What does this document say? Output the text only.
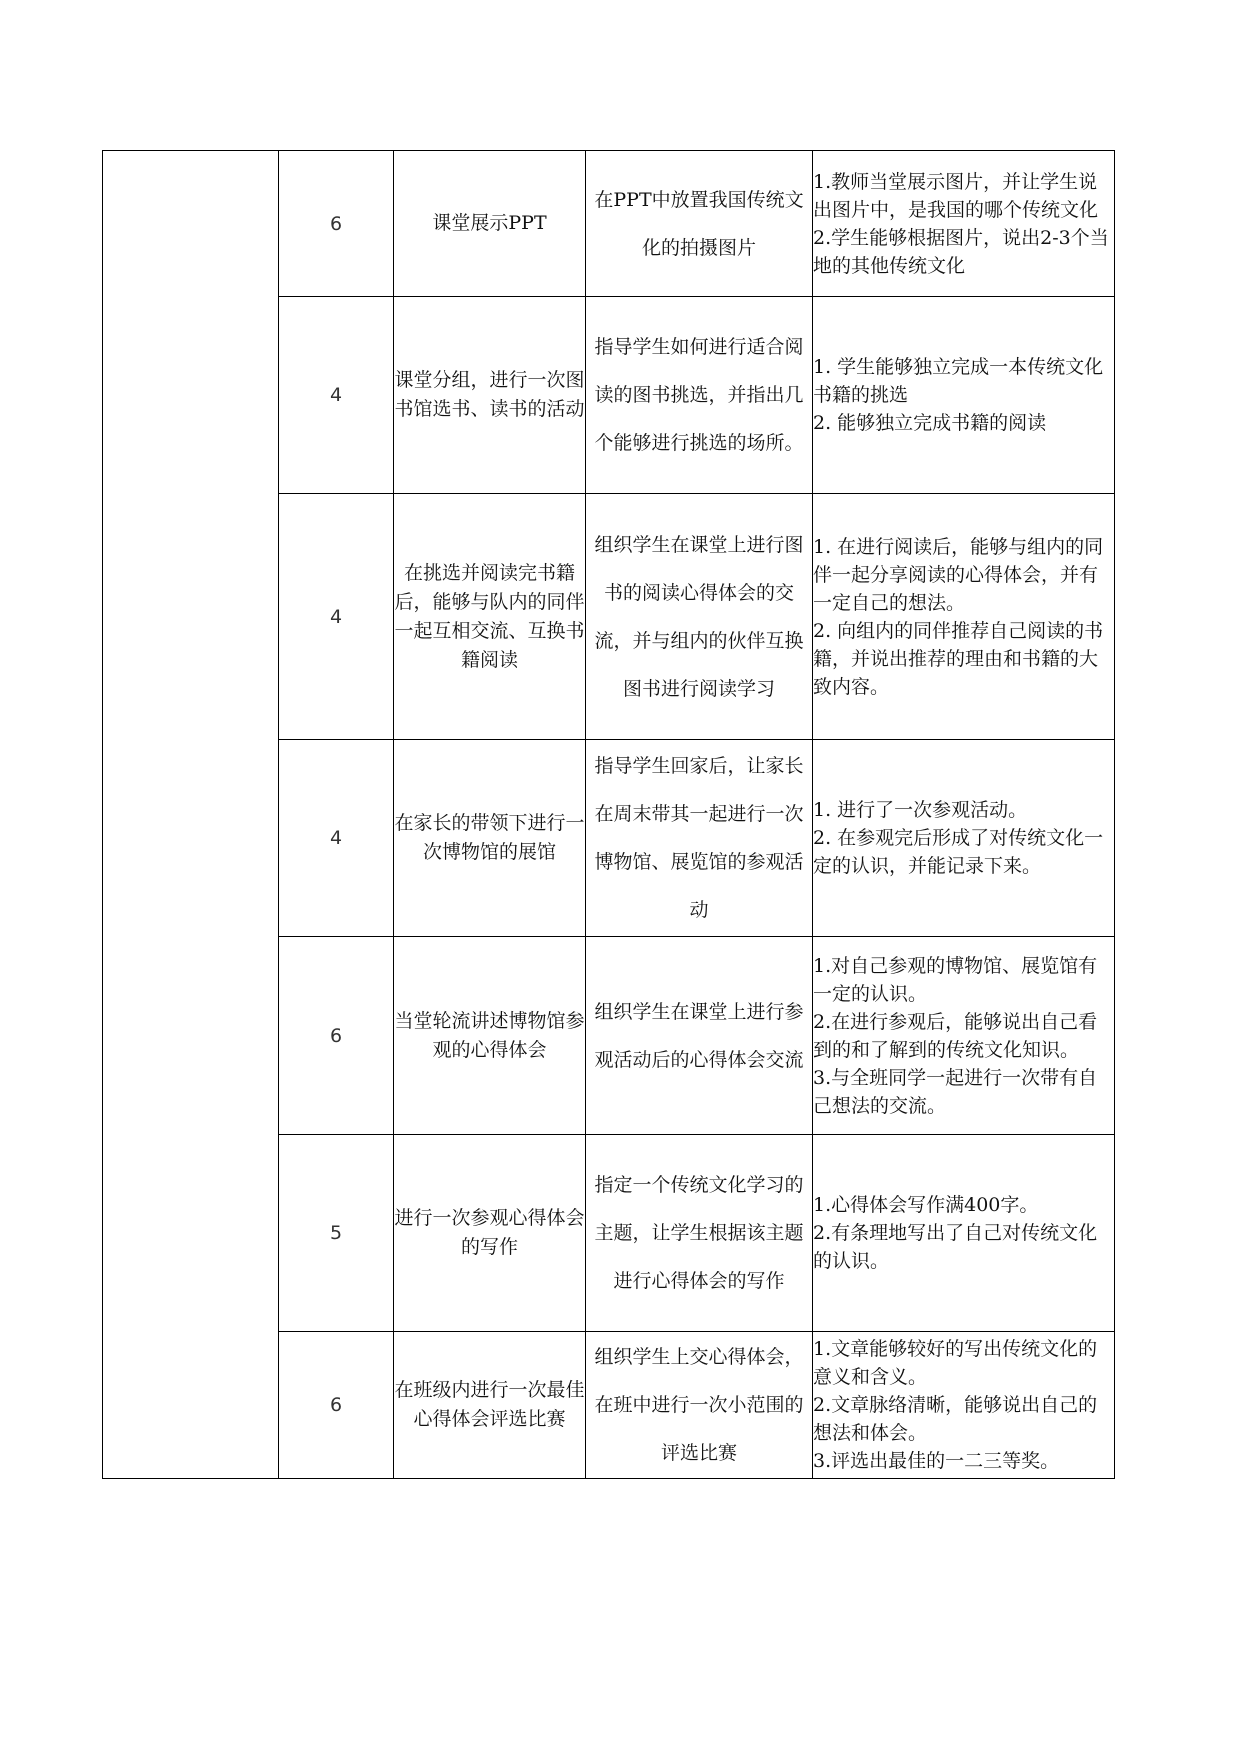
	6	课堂展示PPT	在PPT中放置我国传统文化的拍摄图片	1.教师当堂展示图片，并让学生说出图片中，是我国的哪个传统文化
2.学生能够根据图片，说出2-3个当地的其他传统文化

	4	课堂分组，进行一次图书馆选书、读书的活动	指导学生如何进行适合阅读的图书挑选，并指出几个能够进行挑选的场所。	1. 学生能够独立完成一本传统文化书籍的挑选
2. 能够独立完成书籍的阅读

	4	在挑选并阅读完书籍后，能够与队内的同伴一起互相交流、互换书籍阅读	组织学生在课堂上进行图书的阅读心得体会的交流，并与组内的伙伴互换图书进行阅读学习	1. 在进行阅读后，能够与组内的同伴一起分享阅读的心得体会，并有一定自己的想法。
2. 向组内的同伴推荐自己阅读的书籍，并说出推荐的理由和书籍的大致内容。

	4	在家长的带领下进行一次博物馆的展馆	指导学生回家后，让家长在周末带其一起进行一次博物馆、展览馆的参观活动	1. 进行了一次参观活动。
2. 在参观完后形成了对传统文化一定的认识，并能记录下来。

	6	当堂轮流讲述博物馆参观的心得体会	组织学生在课堂上进行参观活动后的心得体会交流	1.对自己参观的博物馆、展览馆有一定的认识。
2.在进行参观后，能够说出自己看到的和了解到的传统文化知识。
3.与全班同学一起进行一次带有自己想法的交流。

	5	进行一次参观心得体会的写作	指定一个传统文化学习的主题，让学生根据该主题进行心得体会的写作	1.心得体会写作满400字。
2.有条理地写出了自己对传统文化的认识。

	6	在班级内进行一次最佳心得体会评选比赛	组织学生上交心得体会，在班中进行一次小范围的评选比赛	1.文章能够较好的写出传统文化的意义和含义。
2.文章脉络清晰，能够说出自己的想法和体会。
3.评选出最佳的一二三等奖。
